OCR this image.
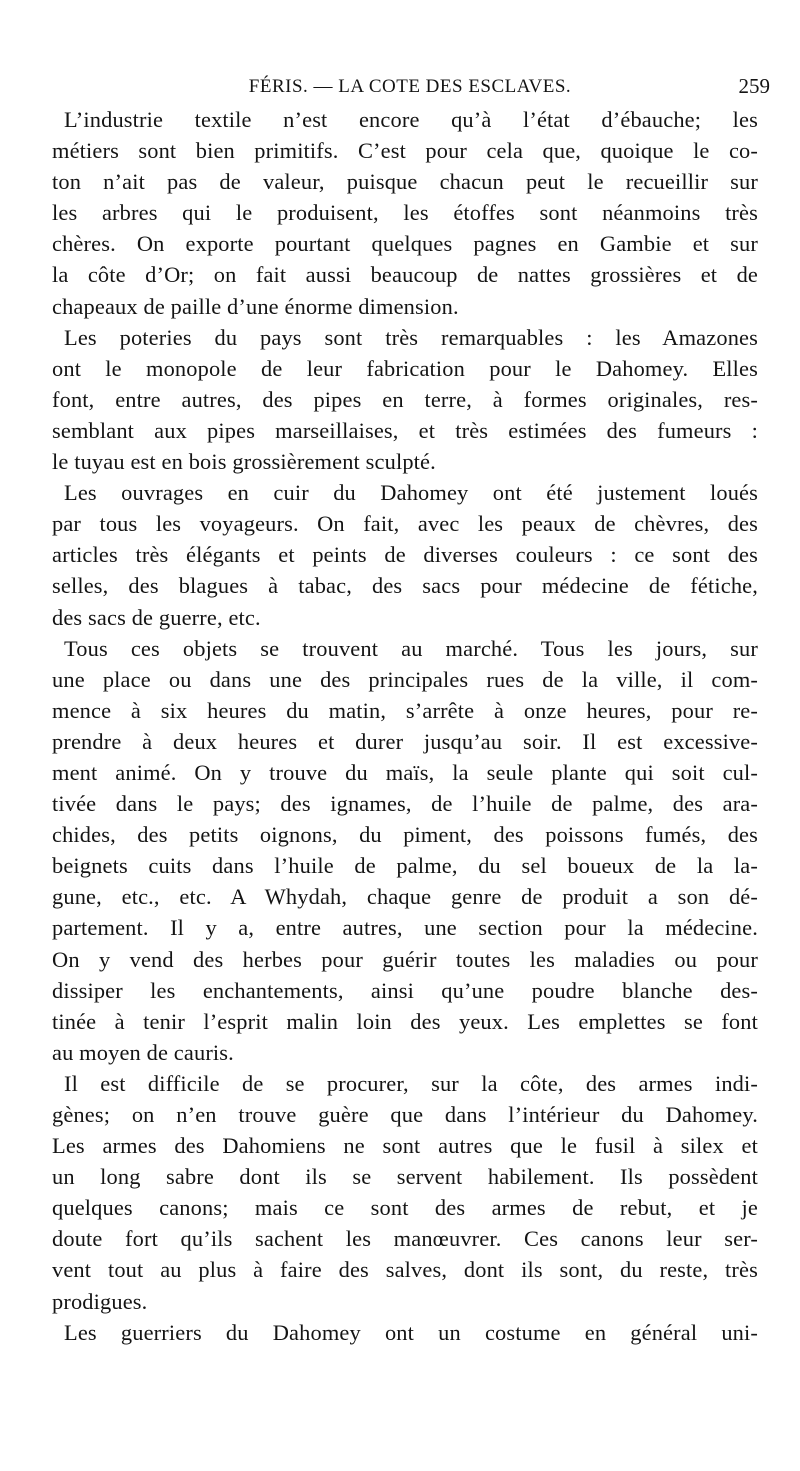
FÉRIS. — LA COTE DES ESCLAVES.	259
L’industrie textile n’est encore qu’à l’état d’ébauche; les
métiers sont bien primitifs. C’est pour cela que, quoique le co-
ton n’ait pas de valeur, puisque chacun peut le recueillir sur
les arbres qui le produisent, les étoffes sont néanmoins très
chères. On exporte pourtant quelques pagnes en Gambie et sur
la côte d’Or; on fait aussi beaucoup de nattes grossières et de
chapeaux de paille d’une énorme dimension.
Les poteries du pays sont très remarquables : les Amazones
ont le monopole de leur fabrication pour le Dahomey. Elles
font, entre autres, des pipes en terre, à formes originales, res-
semblant aux pipes marseillaises, et très estimées des fumeurs :
le tuyau est en bois grossièrement sculpté.
Les ouvrages en cuir du Dahomey ont été justement loués
par tous les voyageurs. On fait, avec les peaux de chèvres, des
articles très élégants et peints de diverses couleurs : ce sont des
selles, des blagues à tabac, des sacs pour médecine de fétiche,
des sacs de guerre, etc.
Tous ces objets se trouvent au marché. Tous les jours, sur
une place ou dans une des principales rues de la ville, il com-
mence à six heures du matin, s’arrête à onze heures, pour re-
prendre à deux heures et durer jusqu’au soir. Il est excessive-
ment animé. On y trouve du maïs, la seule plante qui soit cul-
tivée dans le pays; des ignames, de l’huile de palme, des ara-
chides, des petits oignons, du piment, des poissons fumés, des
beignets cuits dans l’huile de palme, du sel boueux de la la-
gune, etc., etc. A Whydah, chaque genre de produit a son dé-
partement. Il y a, entre autres, une section pour la médecine.
On y vend des herbes pour guérir toutes les maladies ou pour
dissiper les enchantements, ainsi qu’une poudre blanche des-
tinée à tenir l’esprit malin loin des yeux. Les emplettes se font
au moyen de cauris.
Il est difficile de se procurer, sur la côte, des armes indi-
gènes; on n’en trouve guère que dans l’intérieur du Dahomey.
Les armes des Dahomiens ne sont autres que le fusil à silex et
un long sabre dont ils se servent habilement. Ils possèdent
quelques canons; mais ce sont des armes de rebut, et je
doute fort qu’ils sachent les manœuvrer. Ces canons leur ser-
vent tout au plus à faire des salves, dont ils sont, du reste, très
prodigues.
Les guerriers du Dahomey ont un costume en général uni-
